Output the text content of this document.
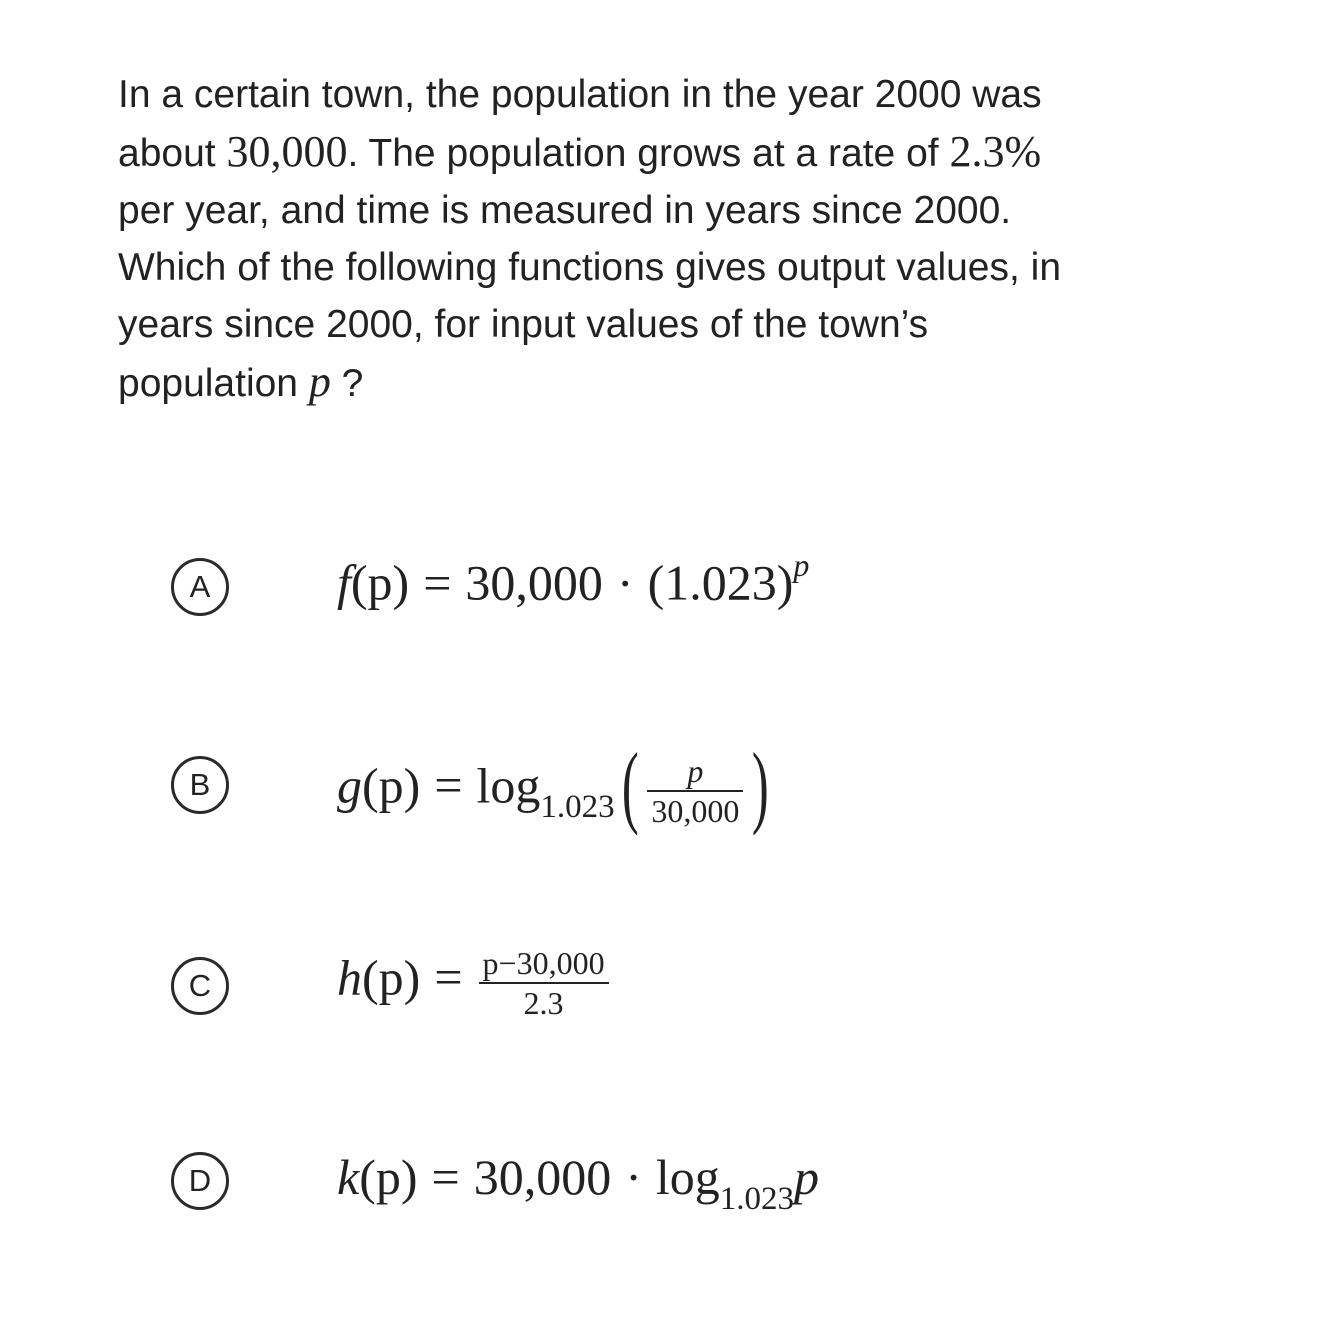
In a certain town, the population in the year 2000 was
about 30,000. The population grows at a rate of 2.3%
per year, and time is measured in years since 2000.
Which of the following functions gives output values, in
years since 2000, for input values of the town’s
population p ?
A	$f(p) = 30,000 \cdot (1.023)^p$
B	$g(p) = \log_{1.023}( \frac{p}{30,000}$ )
C	$h(p) = \frac{p-30,000}{2.3}$
D	$k(p) = 30,000 \cdot \log_{1.023}p$
